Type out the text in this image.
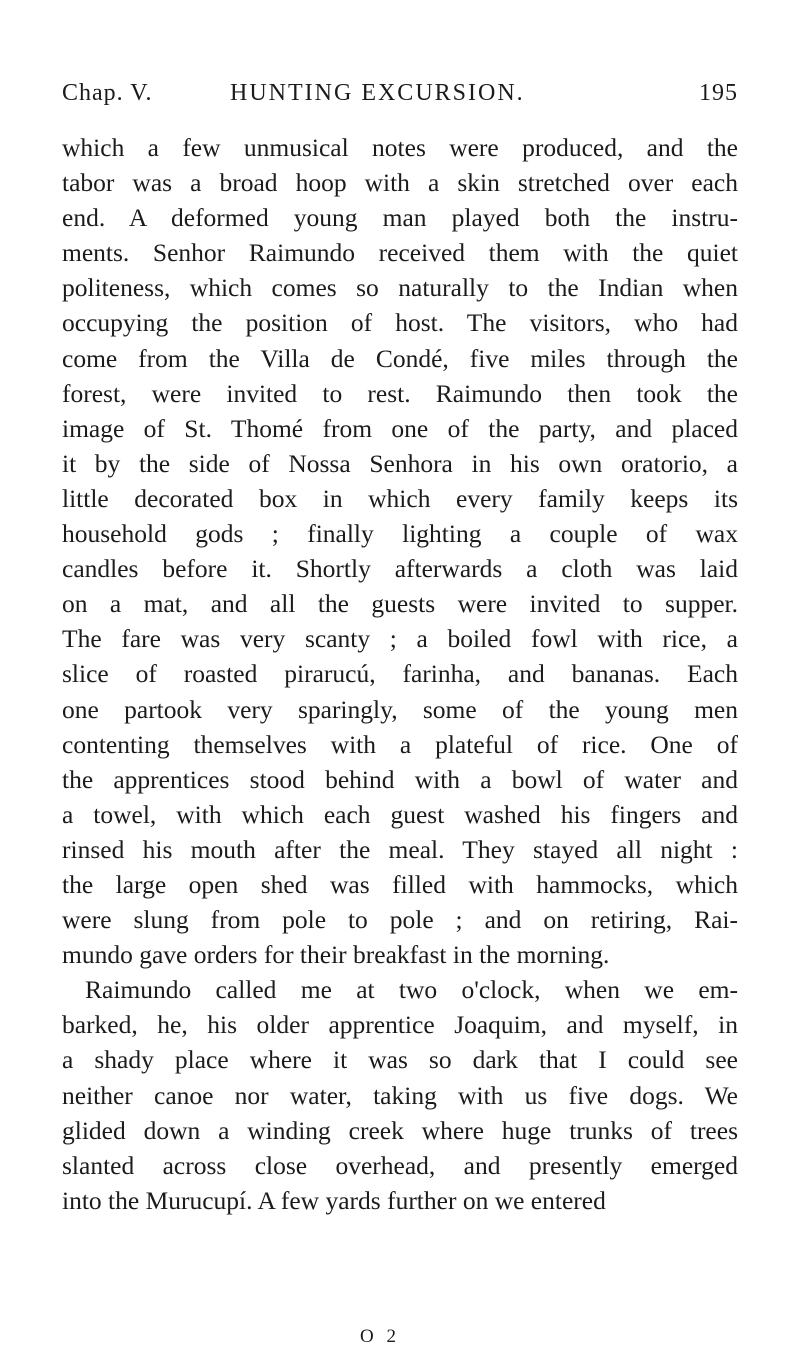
Chap. V.	HUNTING EXCURSION.	195
which a few unmusical notes were produced, and the
tabor was a broad hoop with a skin stretched over each
end. A deformed young man played both the instru-
ments. Senhor Raimundo received them with the quiet
politeness, which comes so naturally to the Indian when
occupying the position of host. The visitors, who had
come from the Villa de Condé, five miles through the
forest, were invited to rest. Raimundo then took the
image of St. Thomé from one of the party, and placed
it by the side of Nossa Senhora in his own oratorio, a
little decorated box in which every family keeps its
household gods ; finally lighting a couple of wax
candles before it. Shortly afterwards a cloth was laid
on a mat, and all the guests were invited to supper.
The fare was very scanty ; a boiled fowl with rice, a
slice of roasted pirarucú, farinha, and bananas. Each
one partook very sparingly, some of the young men
contenting themselves with a plateful of rice. One of
the apprentices stood behind with a bowl of water and
a towel, with which each guest washed his fingers and
rinsed his mouth after the meal. They stayed all night :
the large open shed was filled with hammocks, which
were slung from pole to pole ; and on retiring, Rai-
mundo gave orders for their breakfast in the morning.
Raimundo called me at two o'clock, when we em-
barked, he, his older apprentice Joaquim, and myself, in
a shady place where it was so dark that I could see
neither canoe nor water, taking with us five dogs. We
glided down a winding creek where huge trunks of trees
slanted across close overhead, and presently emerged
into the Murucupí. A few yards further on we entered
O 2
